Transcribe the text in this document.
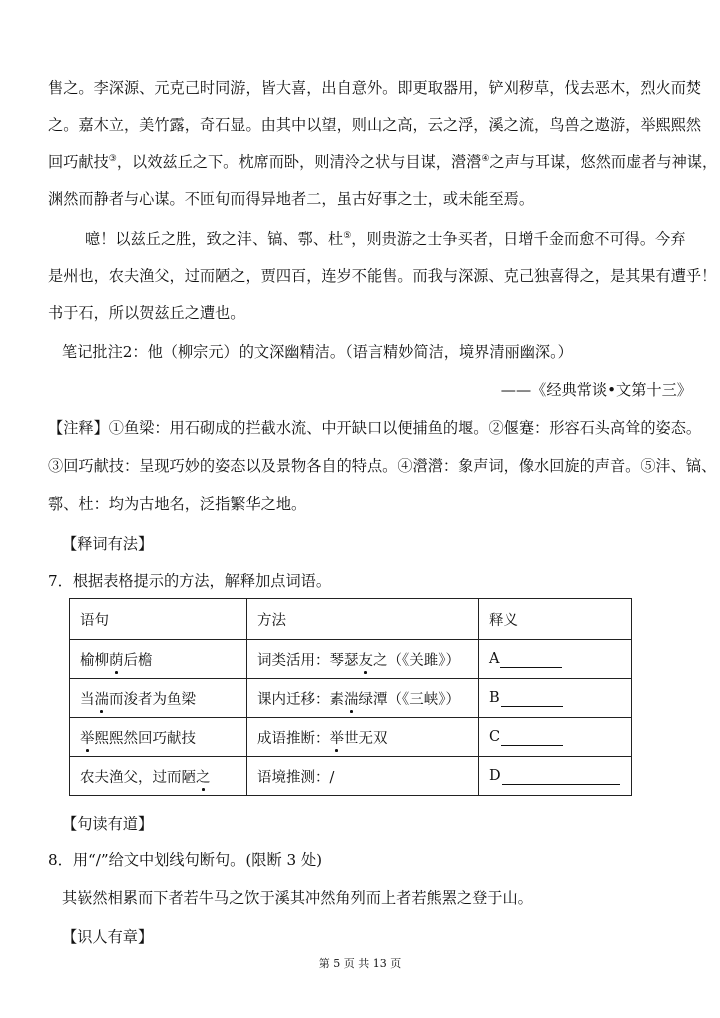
售之。李深源、元克己时同游，皆大喜，出自意外。即更取器用，铲刈秽草，伐去恶木，烈火而焚
之。嘉木立，美竹露，奇石显。由其中以望，则山之高，云之浮，溪之流，鸟兽之遨游，举熙熙然
回巧献技③，以效兹丘之下。枕席而卧，则清泠之状与目谋，瀯瀯④之声与耳谋，悠然而虚者与神谋，
渊然而静者与心谋。不匝旬而得异地者二，虽古好事之士，或未能至焉。
噫！以兹丘之胜，致之沣、镐、鄠、杜⑤，则贵游之士争买者，日增千金而愈不可得。今弃
是州也，农夫渔父，过而陋之，贾四百，连岁不能售。而我与深源、克己独喜得之，是其果有遭乎！
书于石，所以贺兹丘之遭也。
笔记批注2：他（柳宗元）的文深幽精洁。（语言精妙简洁，境界清丽幽深。）
——《经典常谈•文第十三》
【注释】①鱼梁：用石砌成的拦截水流、中开缺口以便捕鱼的堰。②偃蹇：形容石头高耸的姿态。
③回巧献技：呈现巧妙的姿态以及景物各自的特点。④瀯瀯：象声词，像水回旋的声音。⑤沣、镐、
鄠、杜：均为古地名，泛指繁华之地。
【释词有法】
7．根据表格提示的方法，解释加点词语。
语句	方法	释义
榆柳荫后檐	词类活用：琴瑟友之（《关雎》）	A
当湍而浚者为鱼梁	课内迁移：素湍绿潭（《三峡》）	B
举熙熙然回巧献技	成语推断：举世无双	C
农夫渔父，过而陋之	语境推测：/	D
【句读有道】
8．用“/”给文中划线句断句。(限断 3 处)
其嵚然相累而下者若牛马之饮于溪其冲然角列而上者若熊罴之登于山。
【识人有章】
第 5 页 共 13 页
